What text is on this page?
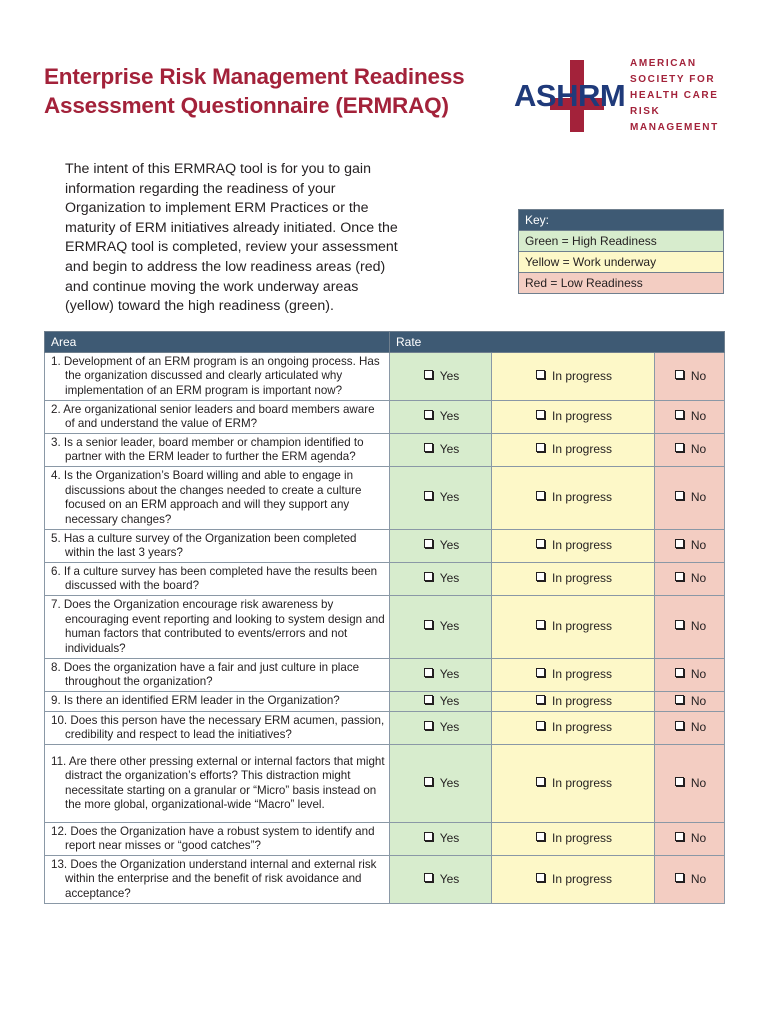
Enterprise Risk Management Readiness
Assessment Questionnaire (ERMRAQ)	ASHRM
AMERICAN
SOCIETY FOR
HEALTH CARE
RISK
MANAGEMENT
The intent of this ERMRAQ tool is for you to gain
information regarding the readiness of your
Organization to implement ERM Practices or the
maturity of ERM initiatives already initiated. Once the
ERMRAQ tool is completed, review your assessment
and begin to address the low readiness areas (red)
and continue moving the work underway areas
(yellow) toward the high readiness (green).
Key:
Green = High Readiness
Yellow = Work underway
Red = Low Readiness
Area	Rate		
1. Development of an ERM program is an ongoing process. Has the organization discussed and clearly articulated why implementation of an ERM program is important now?	Yes	In progress	No
2. Are organizational senior leaders and board members aware of and understand the value of ERM?	Yes	In progress	No
3. Is a senior leader, board member or champion identified to partner with the ERM leader to further the ERM agenda?	Yes	In progress	No
4. Is the Organization’s Board willing and able to engage in discussions about the changes needed to create a culture focused on an ERM approach and will they support any necessary changes?	Yes	In progress	No
5. Has a culture survey of the Organization been completed within the last 3 years?	Yes	In progress	No
6. If a culture survey has been completed have the results been discussed with the board?	Yes	In progress	No
7. Does the Organization encourage risk awareness by encouraging event reporting and looking to system design and human factors that contributed to events/errors and not individuals?	Yes	In progress	No
8. Does the organization have a fair and just culture in place throughout the organization?	Yes	In progress	No
9. Is there an identified ERM leader in the Organization?	Yes	In progress	No
10. Does this person have the necessary ERM acumen, passion, credibility and respect to lead the initiatives?	Yes	In progress	No
11. Are there other pressing external or internal factors that might distract the organization’s efforts? This distraction might necessitate starting on a granular or “Micro” basis instead on the more global, organizational-wide “Macro” level.	Yes	In progress	No
12. Does the Organization have a robust system to identify and report near misses or “good catches”?	Yes	In progress	No
13. Does the Organization understand internal and external risk within the enterprise and the benefit of risk avoidance and acceptance?	Yes	In progress	No
